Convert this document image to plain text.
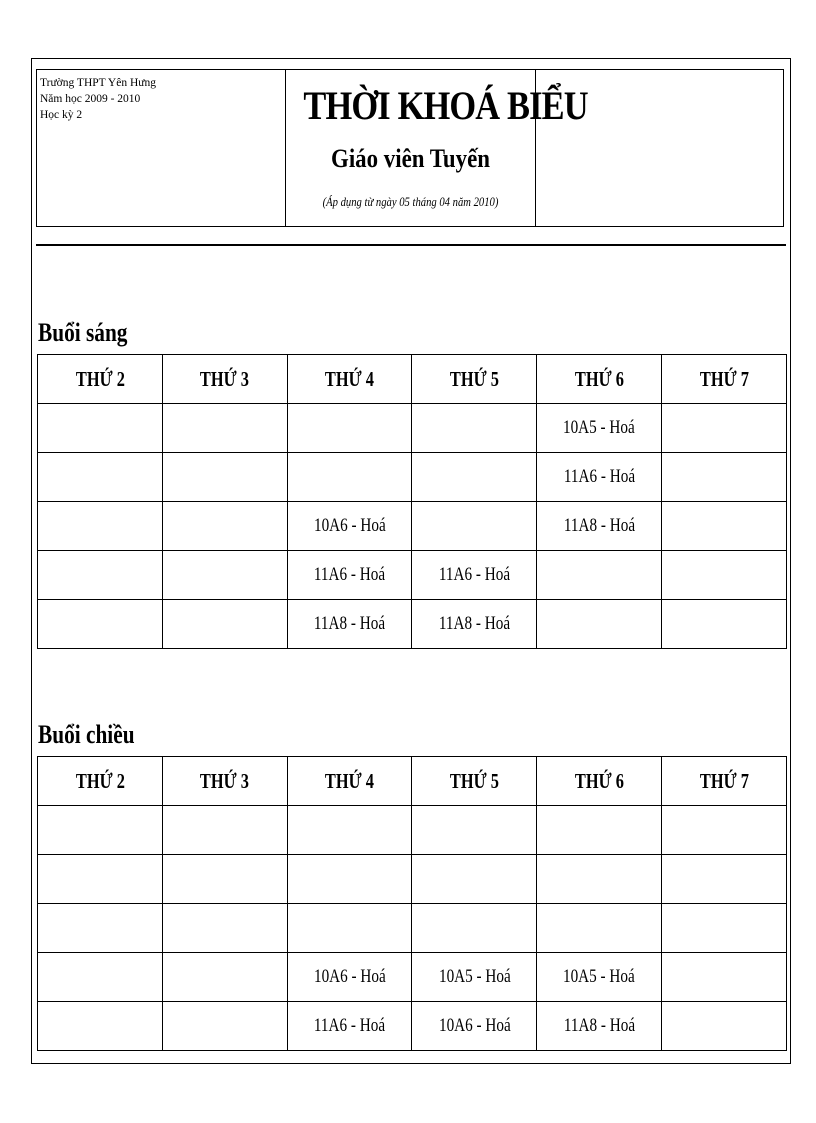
Trường THPT Yên Hưng
Năm học 2009 - 2010
Học kỳ 2	THỜI KHOÁ BIỂU
Giáo viên Tuyến
(Áp dụng từ ngày 05 tháng 04 năm 2010)
Buổi sáng
THỨ 2	THỨ 3	THỨ 4	THỨ 5	THỨ 6	THỨ 7
				10A5 - Hoá	
				11A6 - Hoá	
		10A6 - Hoá		11A8 - Hoá	
		11A6 - Hoá	11A6 - Hoá		
		11A8 - Hoá	11A8 - Hoá		
Buổi chiều
THỨ 2	THỨ 3	THỨ 4	THỨ 5	THỨ 6	THỨ 7

		10A6 - Hoá	10A5 - Hoá	10A5 - Hoá	
		11A6 - Hoá	10A6 - Hoá	11A8 - Hoá	
